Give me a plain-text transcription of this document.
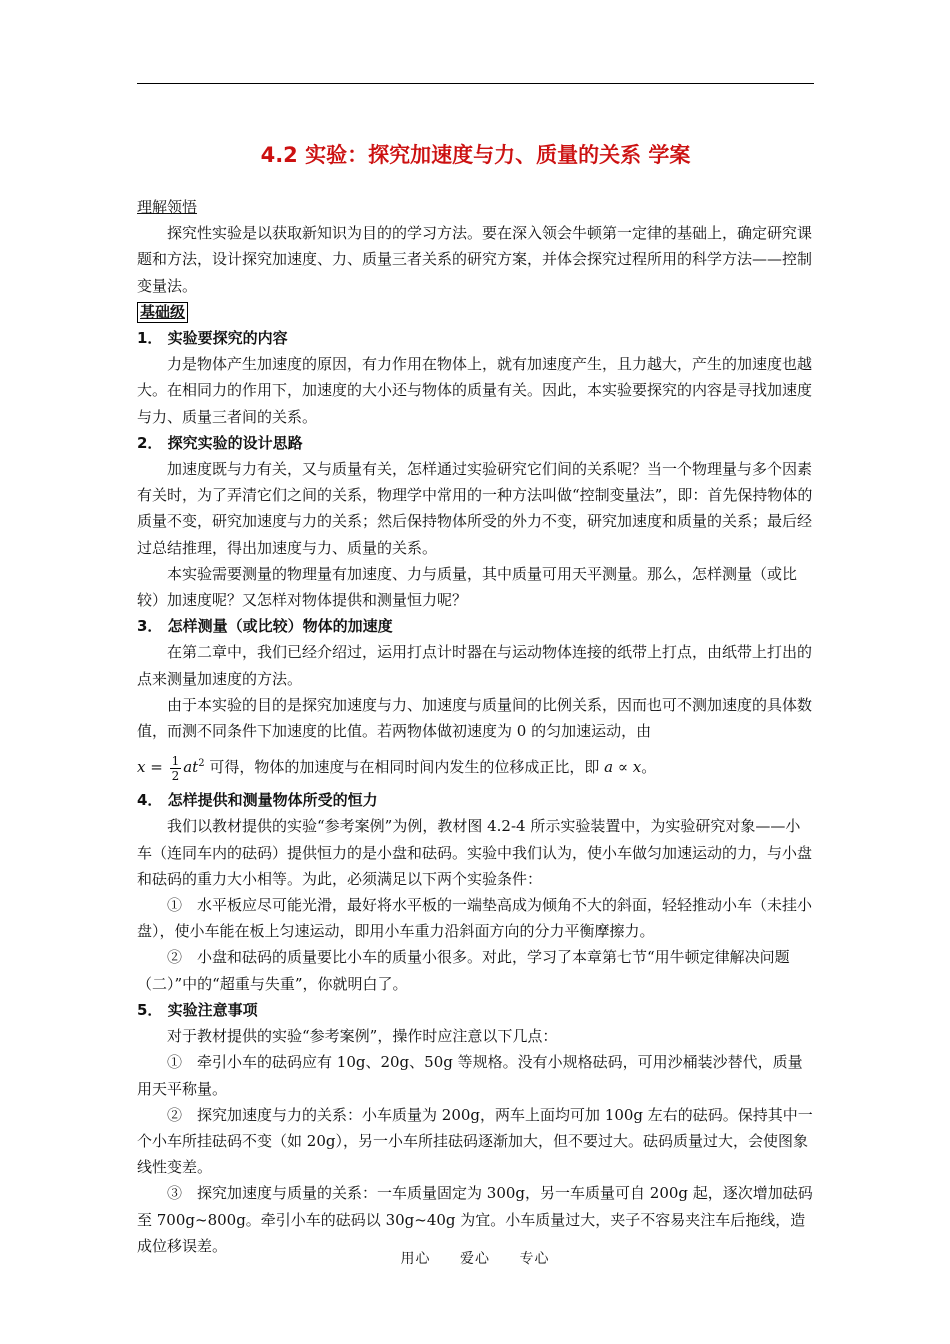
4.2 实验：探究加速度与力、质量的关系 学案

理解领悟

探究性实验是以获取新知识为目的的学习方法。要在深入领会牛顿第一定律的基础上，确定研究课题和方法，设计探究加速度、力、质量三者关系的研究方案，并体会探究过程所用的科学方法——控制变量法。

基础级

1． 实验要探究的内容

力是物体产生加速度的原因，有力作用在物体上，就有加速度产生，且力越大，产生的加速度也越大。在相同力的作用下，加速度的大小还与物体的质量有关。因此，本实验要探究的内容是寻找加速度与力、质量三者间的关系。

2． 探究实验的设计思路

加速度既与力有关，又与质量有关，怎样通过实验研究它们间的关系呢？当一个物理量与多个因素有关时，为了弄清它们之间的关系，物理学中常用的一种方法叫做“控制变量法”，即：首先保持物体的质量不变，研究加速度与力的关系；然后保持物体所受的外力不变，研究加速度和质量的关系；最后经过总结推理，得出加速度与力、质量的关系。

本实验需要测量的物理量有加速度、力与质量，其中质量可用天平测量。那么，怎样测量（或比较）加速度呢？又怎样对物体提供和测量恒力呢？

3． 怎样测量（或比较）物体的加速度

在第二章中，我们已经介绍过，运用打点计时器在与运动物体连接的纸带上打点，由纸带上打出的点来测量加速度的方法。

由于本实验的目的是探究加速度与力、加速度与质量间的比例关系，因而也可不测加速度的具体数值，而测不同条件下加速度的比值。若两物体做初速度为 0 的匀加速运动，由

$x = \frac{1}{2} at^2$ 可得，物体的加速度与在相同时间内发生的位移成正比，即 a ∝ x。

4． 怎样提供和测量物体所受的恒力

我们以教材提供的实验“参考案例”为例，教材图 4.2-4 所示实验装置中，为实验研究对象——小车（连同车内的砝码）提供恒力的是小盘和砝码。实验中我们认为，使小车做匀加速运动的力，与小盘和砝码的重力大小相等。为此，必须满足以下两个实验条件：

①　水平板应尽可能光滑，最好将水平板的一端垫高成为倾角不大的斜面，轻轻推动小车（未挂小盘），使小车能在板上匀速运动，即用小车重力沿斜面方向的分力平衡摩擦力。

②　小盘和砝码的质量要比小车的质量小很多。对此，学习了本章第七节“用牛顿定律解决问题（二）”中的“超重与失重”，你就明白了。

5． 实验注意事项

对于教材提供的实验“参考案例”，操作时应注意以下几点：

①　牵引小车的砝码应有 10g、20g、50g 等规格。没有小规格砝码，可用沙桶装沙替代，质量用天平称量。

②　探究加速度与力的关系：小车质量为 200g，两车上面均可加 100g 左右的砝码。保持其中一个小车所挂砝码不变（如 20g），另一小车所挂砝码逐渐加大，但不要过大。砝码质量过大，会使图象线性变差。

③　探究加速度与质量的关系：一车质量固定为 300g，另一车质量可自 200g 起，逐次增加砝码至 700g~800g。牵引小车的砝码以 30g~40g 为宜。小车质量过大，夹子不容易夹注车后拖线，造成位移误差。

用心 爱心 专心
